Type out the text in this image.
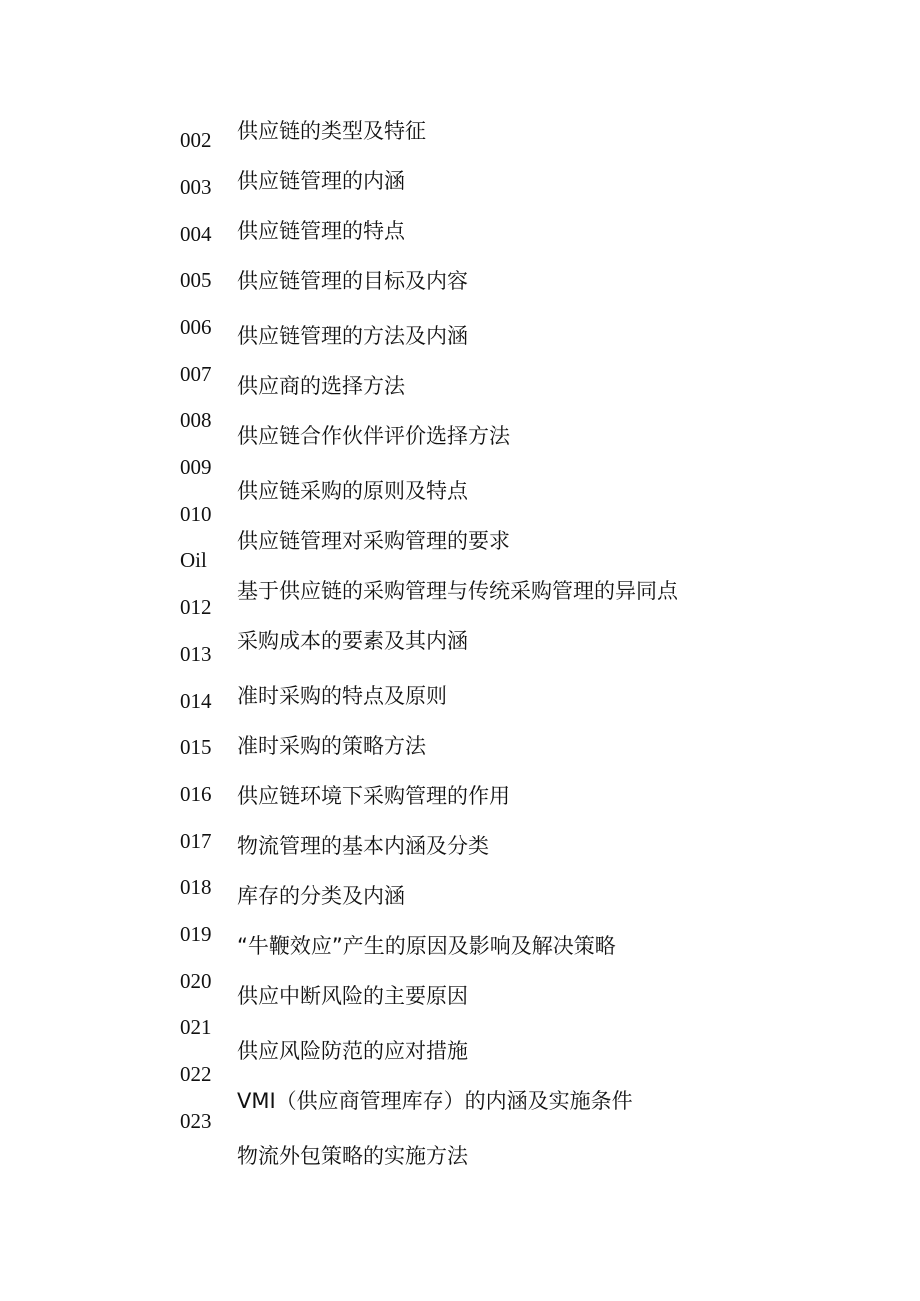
002
003
004
005
006
007
008
009
010
Oil
012
013
014
015
016
017
018
019
020
021
022
023
供应链的类型及特征
供应链管理的内涵
供应链管理的特点
供应链管理的目标及内容
供应链管理的方法及内涵
供应商的选择方法
供应链合作伙伴评价选择方法
供应链采购的原则及特点
供应链管理对采购管理的要求
基于供应链的采购管理与传统采购管理的异同点
采购成本的要素及其内涵
准时采购的特点及原则
准时采购的策略方法
供应链环境下采购管理的作用
物流管理的基本内涵及分类
库存的分类及内涵
“牛鞭效应”产生的原因及影响及解决策略
供应中断风险的主要原因
供应风险防范的应对措施
VMI（供应商管理库存）的内涵及实施条件
物流外包策略的实施方法
